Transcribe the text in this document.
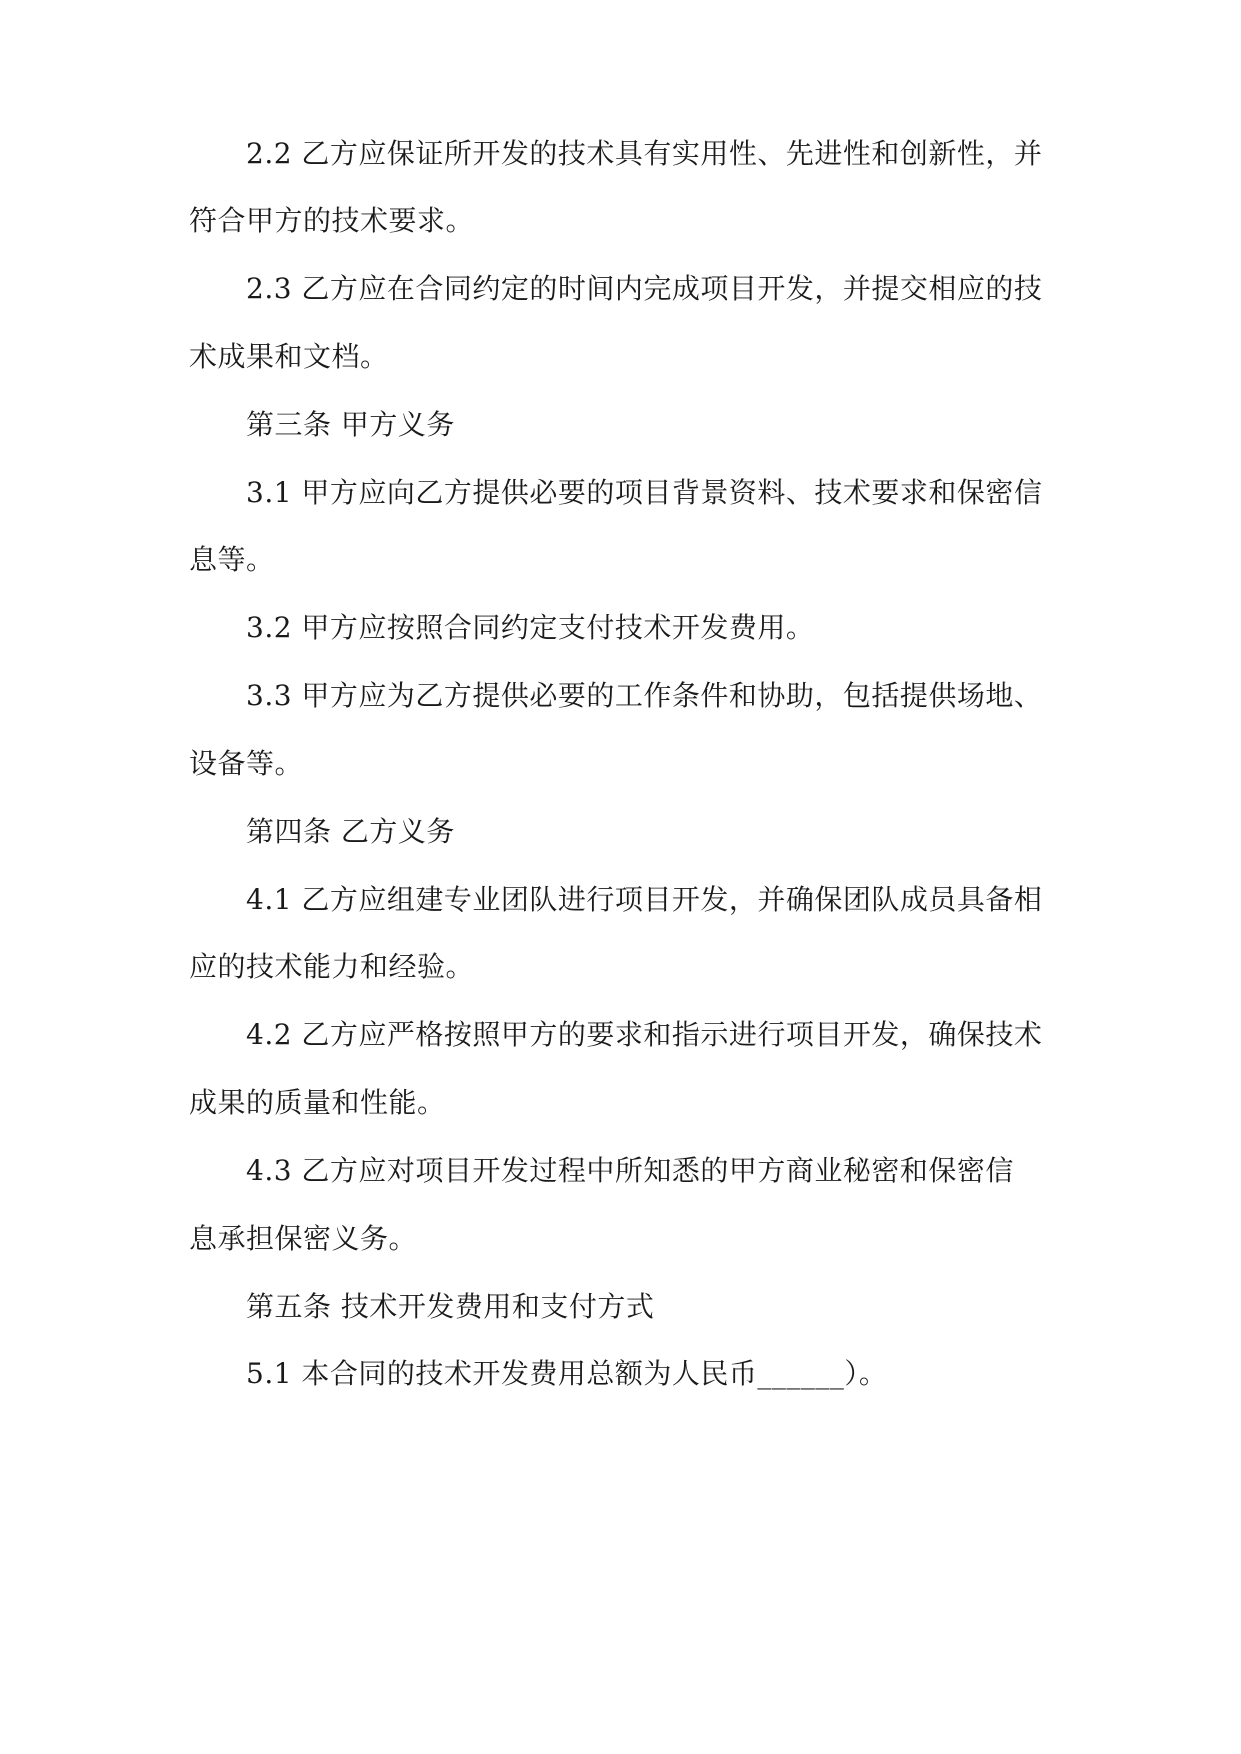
2.2 乙方应保证所开发的技术具有实用性、先进性和创新性，并
符合甲方的技术要求。
2.3 乙方应在合同约定的时间内完成项目开发，并提交相应的技
术成果和文档。
第三条 甲方义务
3.1 甲方应向乙方提供必要的项目背景资料、技术要求和保密信
息等。
3.2 甲方应按照合同约定支付技术开发费用。
3.3 甲方应为乙方提供必要的工作条件和协助，包括提供场地、
设备等。
第四条 乙方义务
4.1 乙方应组建专业团队进行项目开发，并确保团队成员具备相
应的技术能力和经验。
4.2 乙方应严格按照甲方的要求和指示进行项目开发，确保技术
成果的质量和性能。
4.3 乙方应对项目开发过程中所知悉的甲方商业秘密和保密信
息承担保密义务。
第五条 技术开发费用和支付方式
5.1 本合同的技术开发费用总额为人民币______）。
